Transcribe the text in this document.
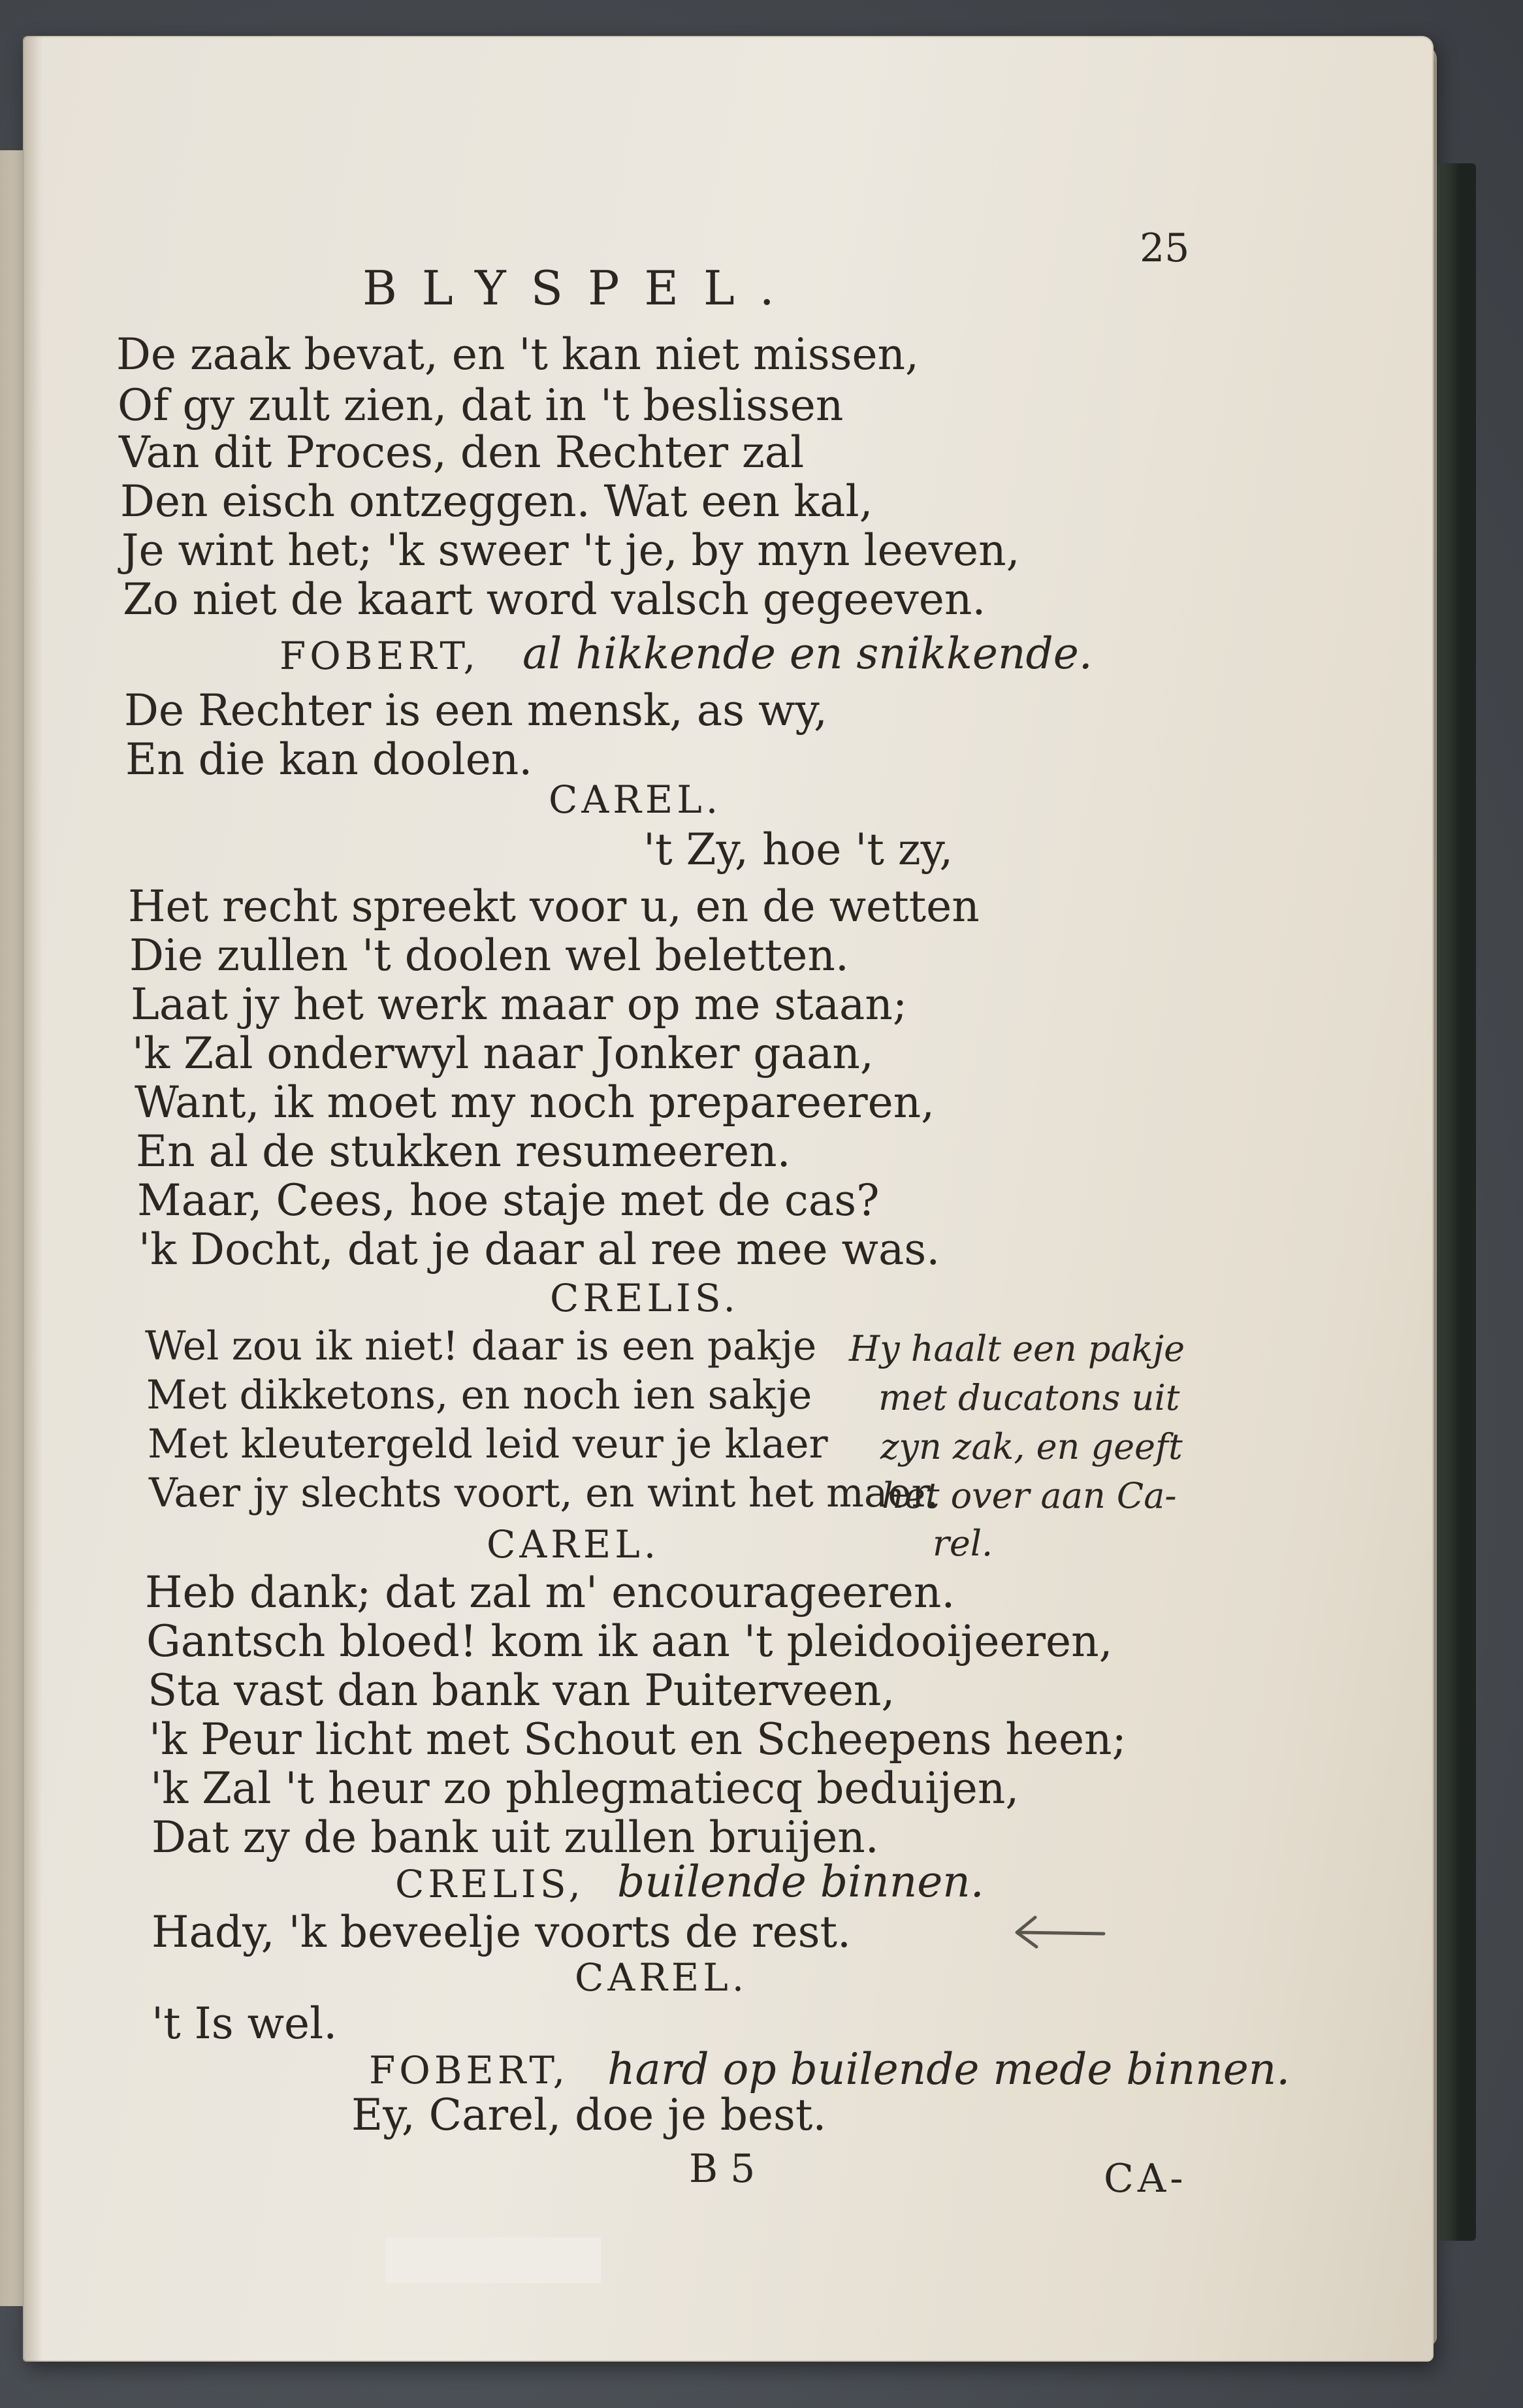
BLYSPEL.
25
De zaak bevat, en 't kan niet missen,
Of gy zult zien, dat in 't beslissen
Van dit Proces, den Rechter zal
Den eisch ontzeggen. Wat een kal,
Je wint het; 'k sweer 't je, by myn leeven,
Zo niet de kaart word valsch gegeeven.
FOBERT, al hikkende en snikkende.
De Rechter is een mensk, as wy,
En die kan doolen.
CAREL.
't Zy, hoe 't zy,
Het recht spreekt voor u, en de wetten
Die zullen 't doolen wel beletten.
Laat jy het werk maar op me staan;
'k Zal onderwyl naar Jonker gaan,
Want, ik moet my noch prepareeren,
En al de stukken resumeeren.
Maar, Cees, hoe staje met de cas?
'k Docht, dat je daar al ree mee was.
CRELIS.
Wel zou ik niet! daar is een pakje
Met dikketons, en noch ien sakje
Met kleutergeld leid veur je klaer
Vaer jy slechts voort, en wint het maer.
Hy haalt een pakje
met ducatons uit
zyn zak, en geeft
het over aan Ca-
rel.
CAREL.
Heb dank; dat zal m' encourageeren.
Gantsch bloed! kom ik aan 't pleidooijeeren,
Sta vast dan bank van Puiterveen,
'k Peur licht met Schout en Scheepens heen;
'k Zal 't heur zo phlegmatiecq beduijen,
Dat zy de bank uit zullen bruijen.
CRELIS, builende binnen.
Hady, 'k beveelje voorts de rest.
CAREL.
't Is wel.
FOBERT, hard op builende mede binnen.
Ey, Carel, doe je best.
B 5	CA-
